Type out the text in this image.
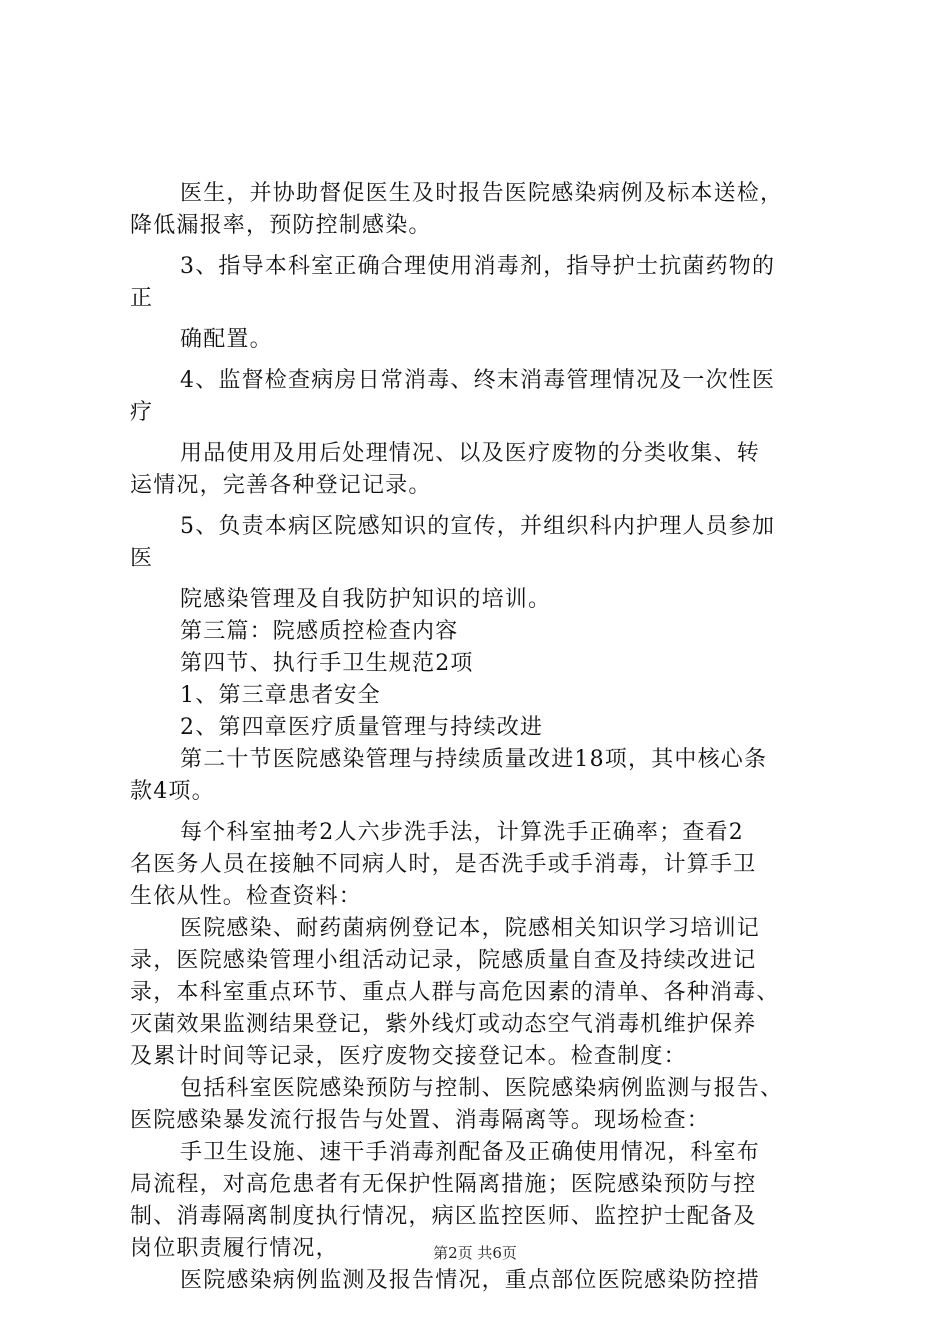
医生，并协助督促医生及时报告医院感染病例及标本送检，
降低漏报率，预防控制感染。
3、指导本科室正确合理使用消毒剂，指导护士抗菌药物的
正
确配置。
4、监督检查病房日常消毒、终末消毒管理情况及一次性医
疗
用品使用及用后处理情况、以及医疗废物的分类收集、转
运情况，完善各种登记记录。
5、负责本病区院感知识的宣传，并组织科内护理人员参加
医
院感染管理及自我防护知识的培训。
第三篇：院感质控检查内容
第四节、执行手卫生规范2项
1、第三章患者安全
2、第四章医疗质量管理与持续改进
第二十节医院感染管理与持续质量改进18项，其中核心条
款4项。
每个科室抽考2人六步洗手法，计算洗手正确率；查看2
名医务人员在接触不同病人时，是否洗手或手消毒，计算手卫
生依从性。检查资料：
医院感染、耐药菌病例登记本，院感相关知识学习培训记
录，医院感染管理小组活动记录，院感质量自查及持续改进记
录，本科室重点环节、重点人群与高危因素的清单、各种消毒、
灭菌效果监测结果登记，紫外线灯或动态空气消毒机维护保养
及累计时间等记录，医疗废物交接登记本。检查制度：
包括科室医院感染预防与控制、医院感染病例监测与报告、
医院感染暴发流行报告与处置、消毒隔离等。现场检查：
手卫生设施、速干手消毒剂配备及正确使用情况，科室布
局流程，对高危患者有无保护性隔离措施；医院感染预防与控
制、消毒隔离制度执行情况，病区监控医师、监控护士配备及
岗位职责履行情况，
医院感染病例监测及报告情况，重点部位医院感染防控措
第2页 共6页
